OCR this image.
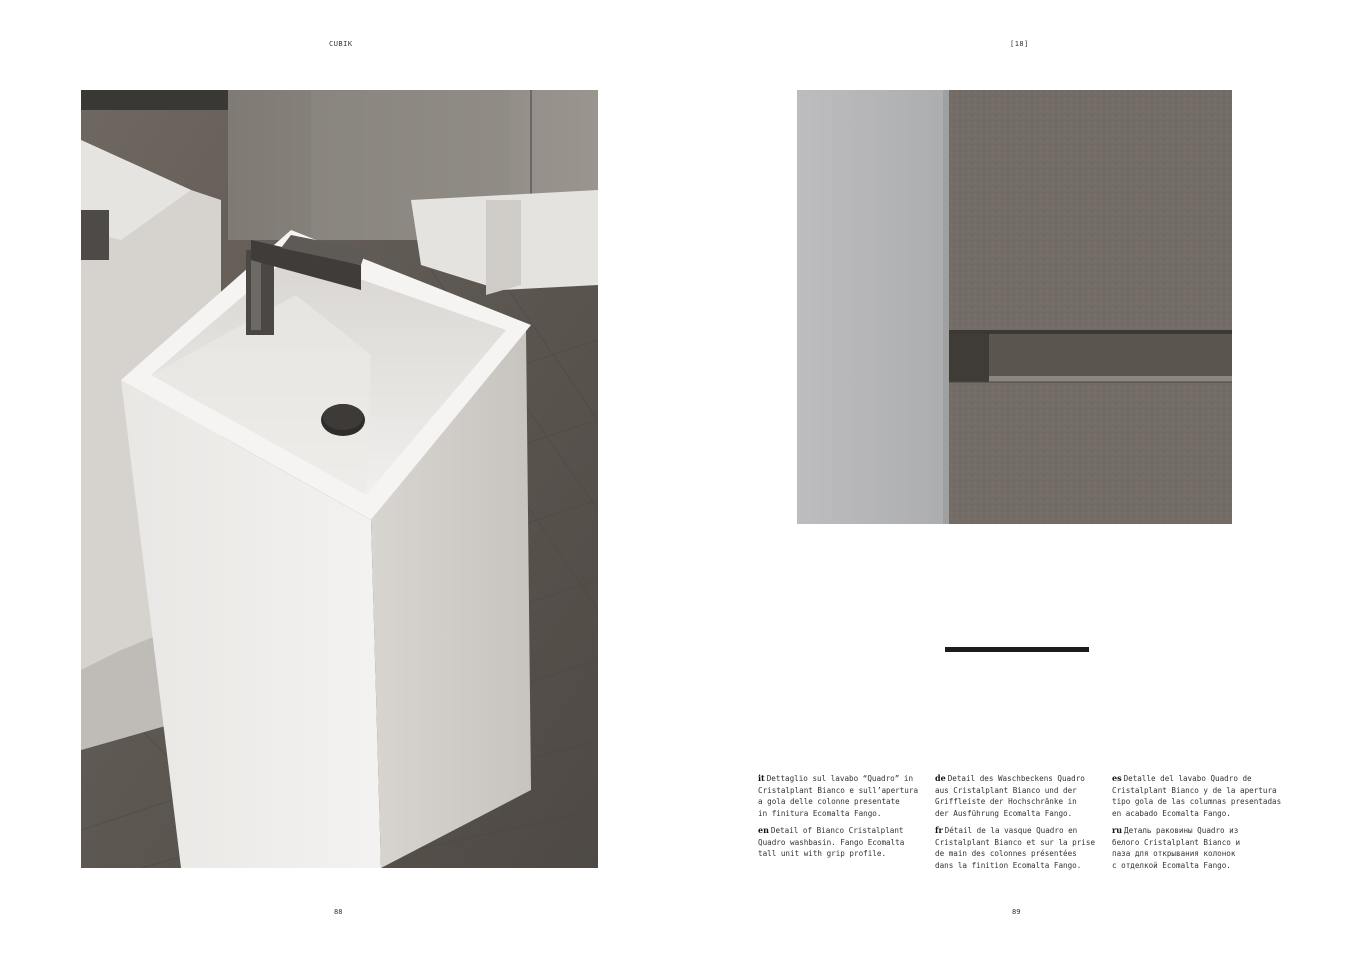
CUBIK
88
[18]
it Dettaglio sul lavabo “Quadro” in
Cristalplant Bianco e sull’apertura
a gola delle colonne presentate
in finitura Ecomalta Fango.
de Detail des Waschbeckens Quadro
aus Cristalplant Bianco und der
Griffleiste der Hochschränke in
der Ausführung Ecomalta Fango.
es Detalle del lavabo Quadro de
Cristalplant Bianco y de la apertura
tipo gola de las columnas presentadas
en acabado Ecomalta Fango.
en Detail of Bianco Cristalplant
Quadro washbasin. Fango Ecomalta
tall unit with grip profile.
fr Détail de la vasque Quadro en
Cristalplant Bianco et sur la prise
de main des colonnes présentées
dans la finition Ecomalta Fango.
ru Деталь раковины Quadro из
белого Cristalplant Bianco и
паза для открывания колонок
с отделкой Ecomalta Fango.
89
